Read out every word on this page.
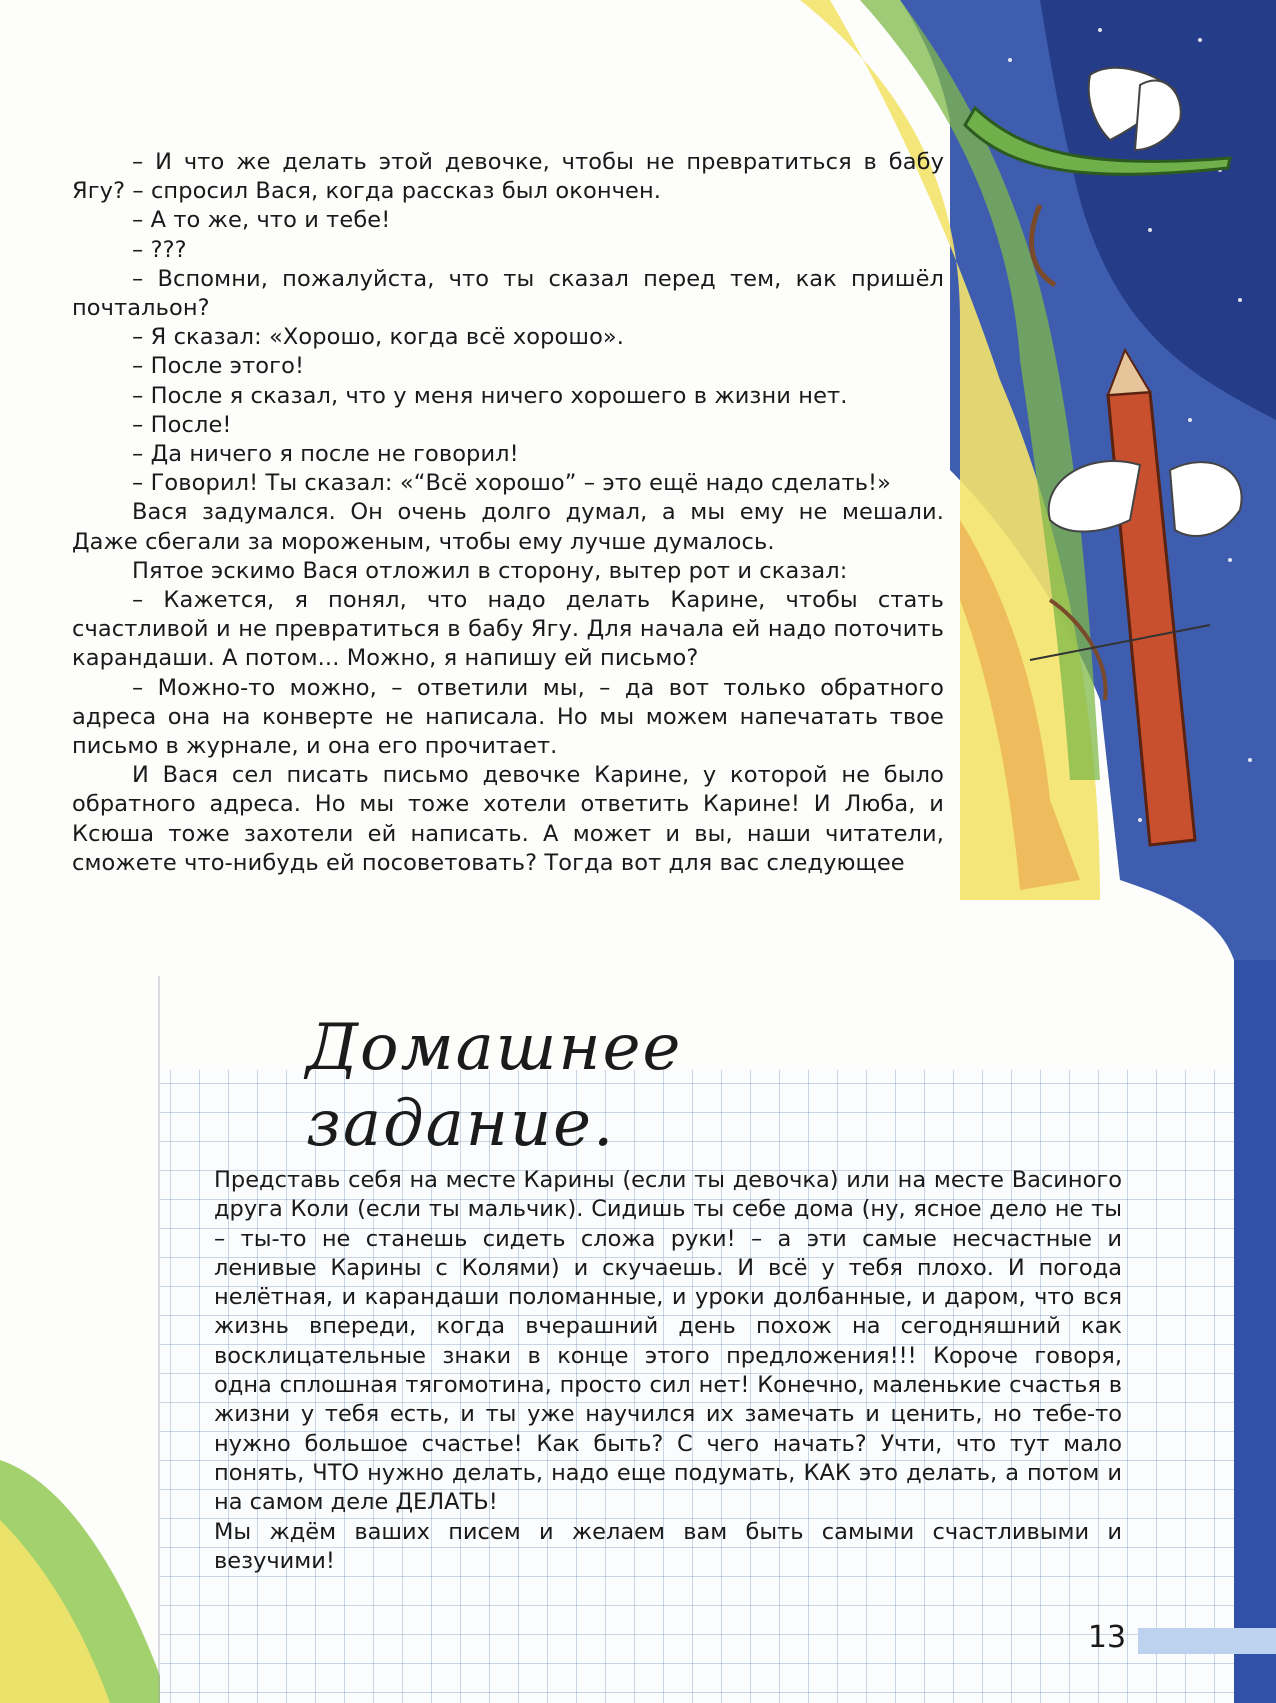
– И что же делать этой девочке, чтобы не превратиться в бабу Ягу? – спросил Вася, когда рассказ был окончен.

– А то же, что и тебе!

– ???

– Вспомни, пожалуйста, что ты сказал перед тем, как пришёл почтальон?

– Я сказал: «Хорошо, когда всё хорошо».

– После этого!

– После я сказал, что у меня ничего хорошего в жизни нет.

– После!

– Да ничего я после не говорил!

– Говорил! Ты сказал: «“Всё хорошо” – это ещё надо сделать!»

Вася задумался. Он очень долго думал, а мы ему не мешали. Даже сбегали за мороженым, чтобы ему лучше думалось.

Пятое эскимо Вася отложил в сторону, вытер рот и сказал:

– Кажется, я понял, что надо делать Карине, чтобы стать счастливой и не превратиться в бабу Ягу. Для начала ей надо поточить карандаши. А потом... Можно, я напишу ей письмо?

– Можно-то можно, – ответили мы, – да вот только обратного адреса она на конверте не написала. Но мы можем напечатать твое письмо в журнале, и она его прочитает.

И Вася сел писать письмо девочке Карине, у которой не было обратного адреса. Но мы тоже хотели ответить Карине! И Люба, и Ксюша тоже захотели ей написать. А может и вы, наши читатели, сможете что-нибудь ей посоветовать? Тогда вот для вас следующее

Домашнее задание.

Представь себя на месте Карины (если ты девочка) или на месте Васиного друга Коли (если ты мальчик). Сидишь ты себе дома (ну, ясное дело не ты – ты-то не станешь сидеть сложа руки! – а эти самые несчастные и ленивые Карины с Колями) и скучаешь. И всё у тебя плохо. И погода нелётная, и карандаши поломанные, и уроки долбанные, и даром, что вся жизнь впереди, когда вчерашний день похож на сегодняшний как восклицательные знаки в конце этого предложения!!! Короче говоря, одна сплошная тягомотина, просто сил нет! Конечно, маленькие счастья в жизни у тебя есть, и ты уже научился их замечать и ценить, но тебе-то нужно большое счастье! Как быть? С чего начать? Учти, что тут мало понять, ЧТО нужно делать, надо еще подумать, КАК это делать, а потом и на самом деле ДЕЛАТЬ!

Мы ждём ваших писем и желаем вам быть самыми счастливыми и везучими!

13
